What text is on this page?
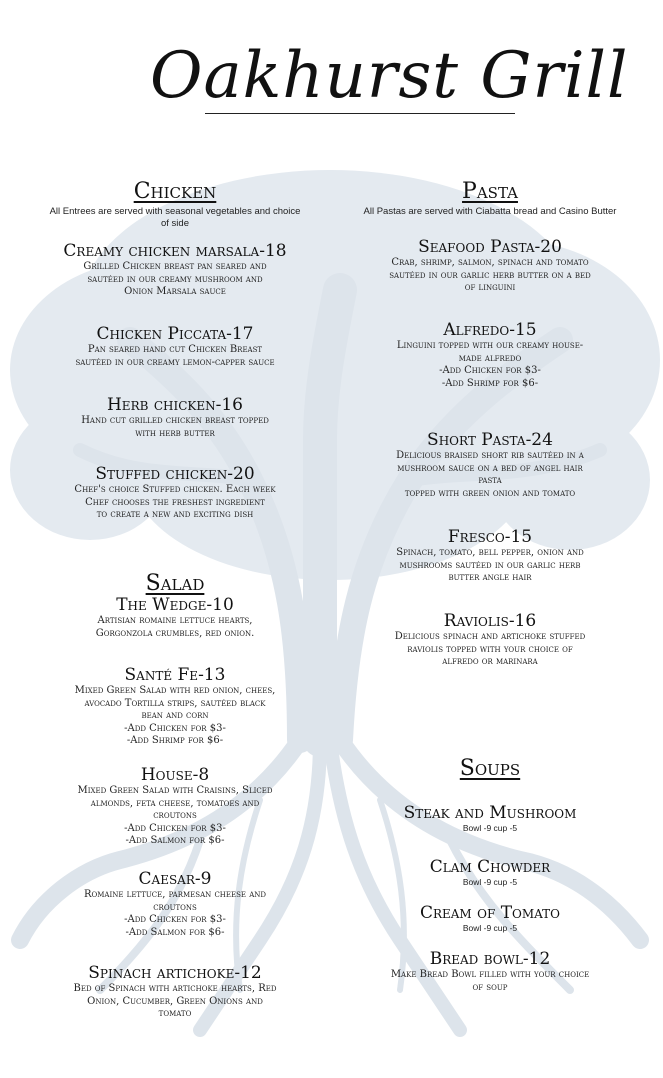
Oakhurst Grill
Chicken
All Entrees are served with seasonal vegetables and choice of side
Creamy chicken marsala-18
Grilled Chicken breast pan seared and
sautéed in our creamy mushroom and
Onion Marsala sauce
Chicken Piccata-17
Pan seared hand cut Chicken Breast
sautéed in our creamy lemon-capper sauce
Herb chicken-16
Hand cut grilled chicken breast topped
with herb butter
Stuffed chicken-20
Chef's choice Stuffed chicken. Each week
Chef chooses the freshest ingredient
to create a new and exciting dish
Salad
The Wedge-10
Artisian romaine lettuce hearts,
Gorgonzola crumbles, red onion.
Santé Fe-13
Mixed Green Salad with red onion, chees,
avocado Tortilla strips, sautéed black
bean and corn
-Add Chicken for $3-
-Add Shrimp for $6-
House-8
Mixed Green Salad with Craisins, Sliced
almonds, feta cheese, tomatoes and
croutons
-Add Chicken for $3-
-Add Salmon for $6-
Caesar-9
Romaine lettuce, parmesan cheese and
croutons
-Add Chicken for $3-
-Add Salmon for $6-
Spinach artichoke-12
Bed of Spinach with artichoke hearts, Red
Onion, Cucumber, Green Onions and
tomato
Pasta
All Pastas are served with Ciabatta bread and Casino Butter
Seafood Pasta-20
Crab, shrimp, salmon, spinach and tomato
sautéed in our garlic herb butter on a bed
of linguini
Alfredo-15
Linguini topped with our creamy house-
made alfredo
-Add Chicken for $3-
-Add Shrimp for $6-
Short Pasta-24
Delicious braised short rib sautéed in a
mushroom sauce on a bed of angel hair
pasta
topped with green onion and tomato
Fresco-15
Spinach, tomato, bell pepper, onion and
mushrooms sautéed in our garlic herb
butter angle hair
Raviolis-16
Delicious spinach and artichoke stuffed
raviolis topped with your choice of
alfredo or marinara
Soups
Steak and Mushroom
Bowl -9 cup -5
Clam Chowder
Bowl -9 cup -5
Cream of Tomato
Bowl -9 cup -5
Bread bowl-12
Make Bread Bowl filled with your choice
of soup
